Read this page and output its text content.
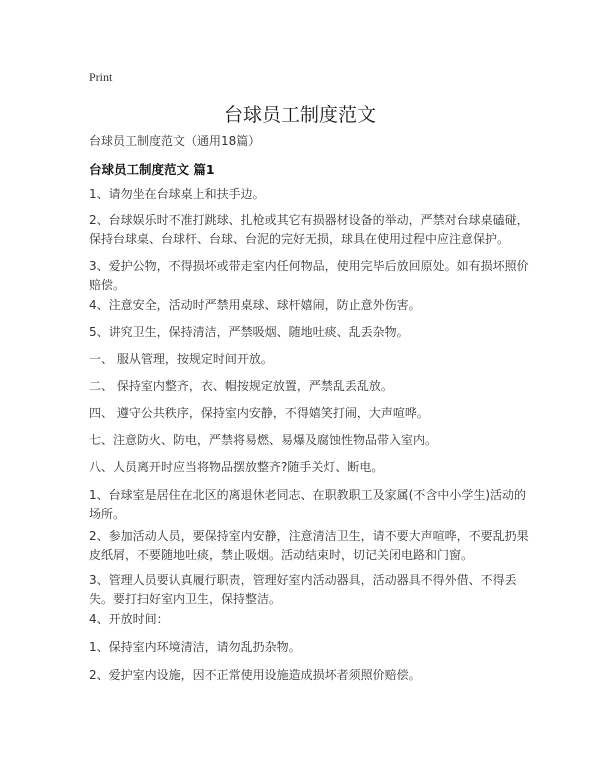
Print
台球员工制度范文
台球员工制度范文（通用18篇）
台球员工制度范文 篇1

1、请勿坐在台球桌上和扶手边。

2、台球娱乐时不准打跳球、扎枪或其它有损器材设备的举动，严禁对台球桌磕碰，保持台球桌、台球杆、台球、台泥的完好无损，球具在使用过程中应注意保护。

3、爱护公物，不得损坏或带走室内任何物品，使用完毕后放回原处。如有损坏照价赔偿。

4、注意安全，活动时严禁用桌球、球杆嬉闹，防止意外伤害。

5、讲究卫生，保持清洁，严禁吸烟、随地吐痰、乱丢杂物。

一、 服从管理，按规定时间开放。

二、 保持室内整齐，衣、帽按规定放置，严禁乱丢乱放。

四、 遵守公共秩序，保持室内安静，不得嬉笑打闹，大声喧哗。

七、注意防火、防电，严禁将易燃、易爆及腐蚀性物品带入室内。

八、人员离开时应当将物品摆放整齐?随手关灯、断电。

1、台球室是居住在北区的离退休老同志、在职教职工及家属(不含中小学生)活动的场所。

2、参加活动人员，要保持室内安静，注意清洁卫生，请不要大声喧哗，不要乱扔果皮纸屑，不要随地吐痰，禁止吸烟。活动结束时，切记关闭电路和门窗。

3、管理人员要认真履行职责，管理好室内活动器具，活动器具不得外借、不得丢失。要打扫好室内卫生，保持整洁。

4、开放时间：

1、保持室内环境清洁，请勿乱扔杂物。

2、爱护室内设施，因不正常使用设施造成损坏者须照价赔偿。
